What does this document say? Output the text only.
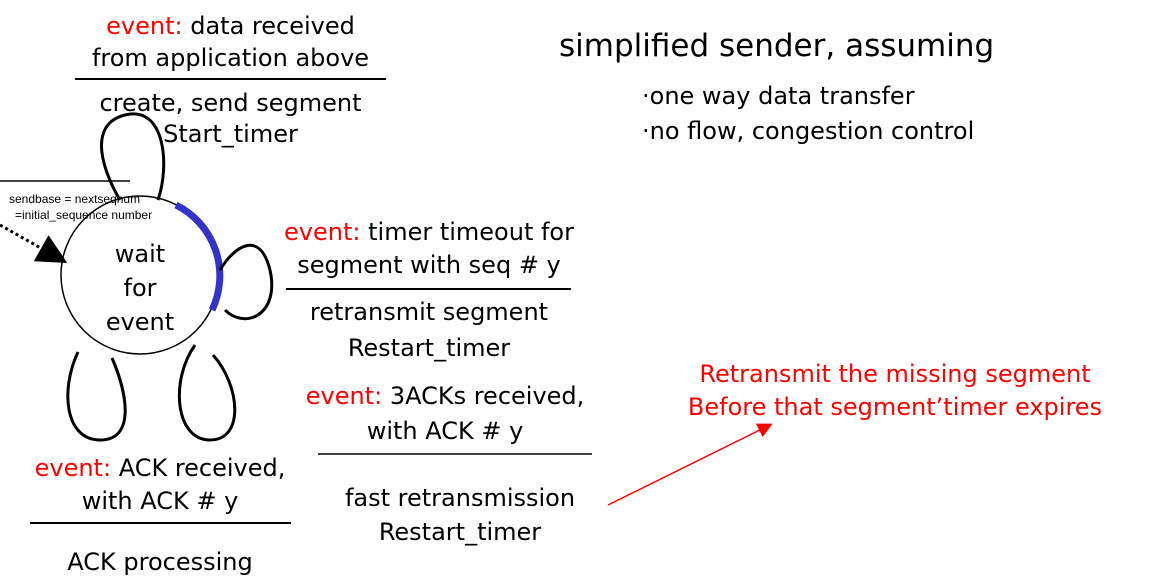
simplified sender, assuming
·one way data transfer
·no flow, congestion control
wait
for
event
sendbase = nextseqnum
=initial_sequence number
event: data received
from application above
create, send segment
Start_timer
event: timer timeout for
segment with seq # y
retransmit segment
Restart_timer
event: 3ACKs received,
with ACK # y
fast retransmission
Restart_timer
event: ACK received,
with ACK # y
ACK processing
Retransmit the missing segment
Before that segment’timer expires
